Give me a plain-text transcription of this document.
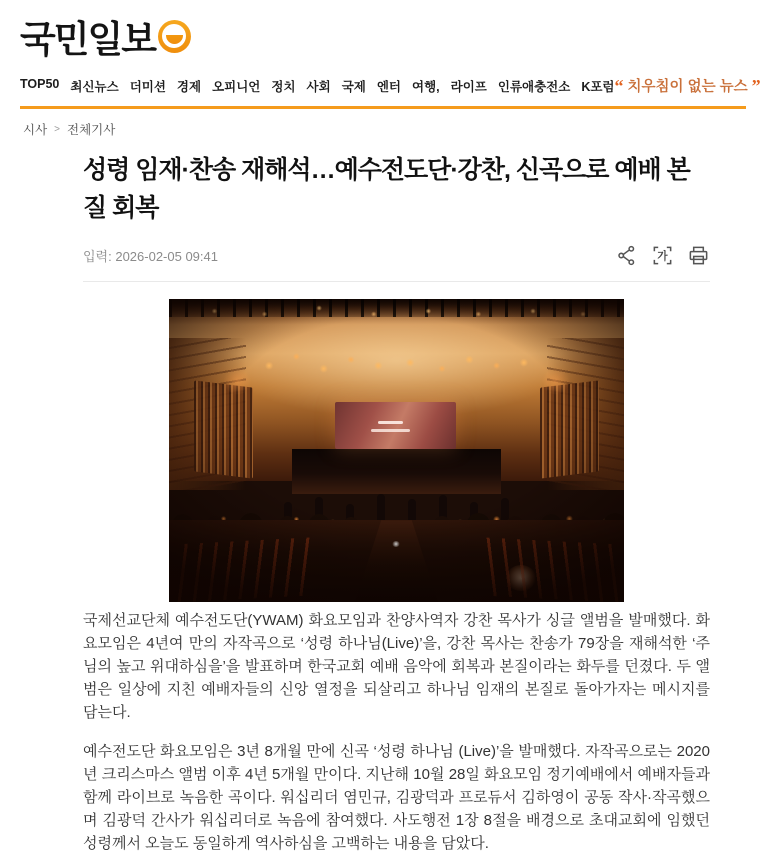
국민일보
TOP50 최신뉴스 더미션 경제 오피니언 정치 사회 국제 엔터 여행, 라이프 인류애충전소 K포럼 “ 치우침이 없는 뉴스 ”
시사 > 전체기사
성령 임재·찬송 재해석…예수전도단·강찬, 신곡으로 예배 본질 회복
입력: 2026-02-05 09:41	가

국제선교단체 예수전도단(YWAM) 화요모임과 찬양사역자 강찬 목사가 싱글 앨범을 발매했다. 화요모임은 4년여 만의 자작곡으로 ‘성령 하나님(Live)’을, 강찬 목사는 찬송가 79장을 재해석한 ‘주님의 높고 위대하심을’을 발표하며 한국교회 예배 음악에 회복과 본질이라는 화두를 던졌다. 두 앨범은 일상에 지친 예배자들의 신앙 열정을 되살리고 하나님 임재의 본질로 돌아가자는 메시지를 담는다.

예수전도단 화요모임은 3년 8개월 만에 신곡 ‘성령 하나님 (Live)’을 발매했다. 자작곡으로는 2020년 크리스마스 앨범 이후 4년 5개월 만이다. 지난해 10월 28일 화요모임 정기예배에서 예배자들과 함께 라이브로 녹음한 곡이다. 워십리더 염민규, 김광덕과 프로듀서 김하영이 공동 작사·작곡했으며 김광덕 간사가 워십리더로 녹음에 참여했다. 사도행전 1장 8절을 배경으로 초대교회에 임했던 성령께서 오늘도 동일하게 역사하심을 고백하는 내용을 담았다.
